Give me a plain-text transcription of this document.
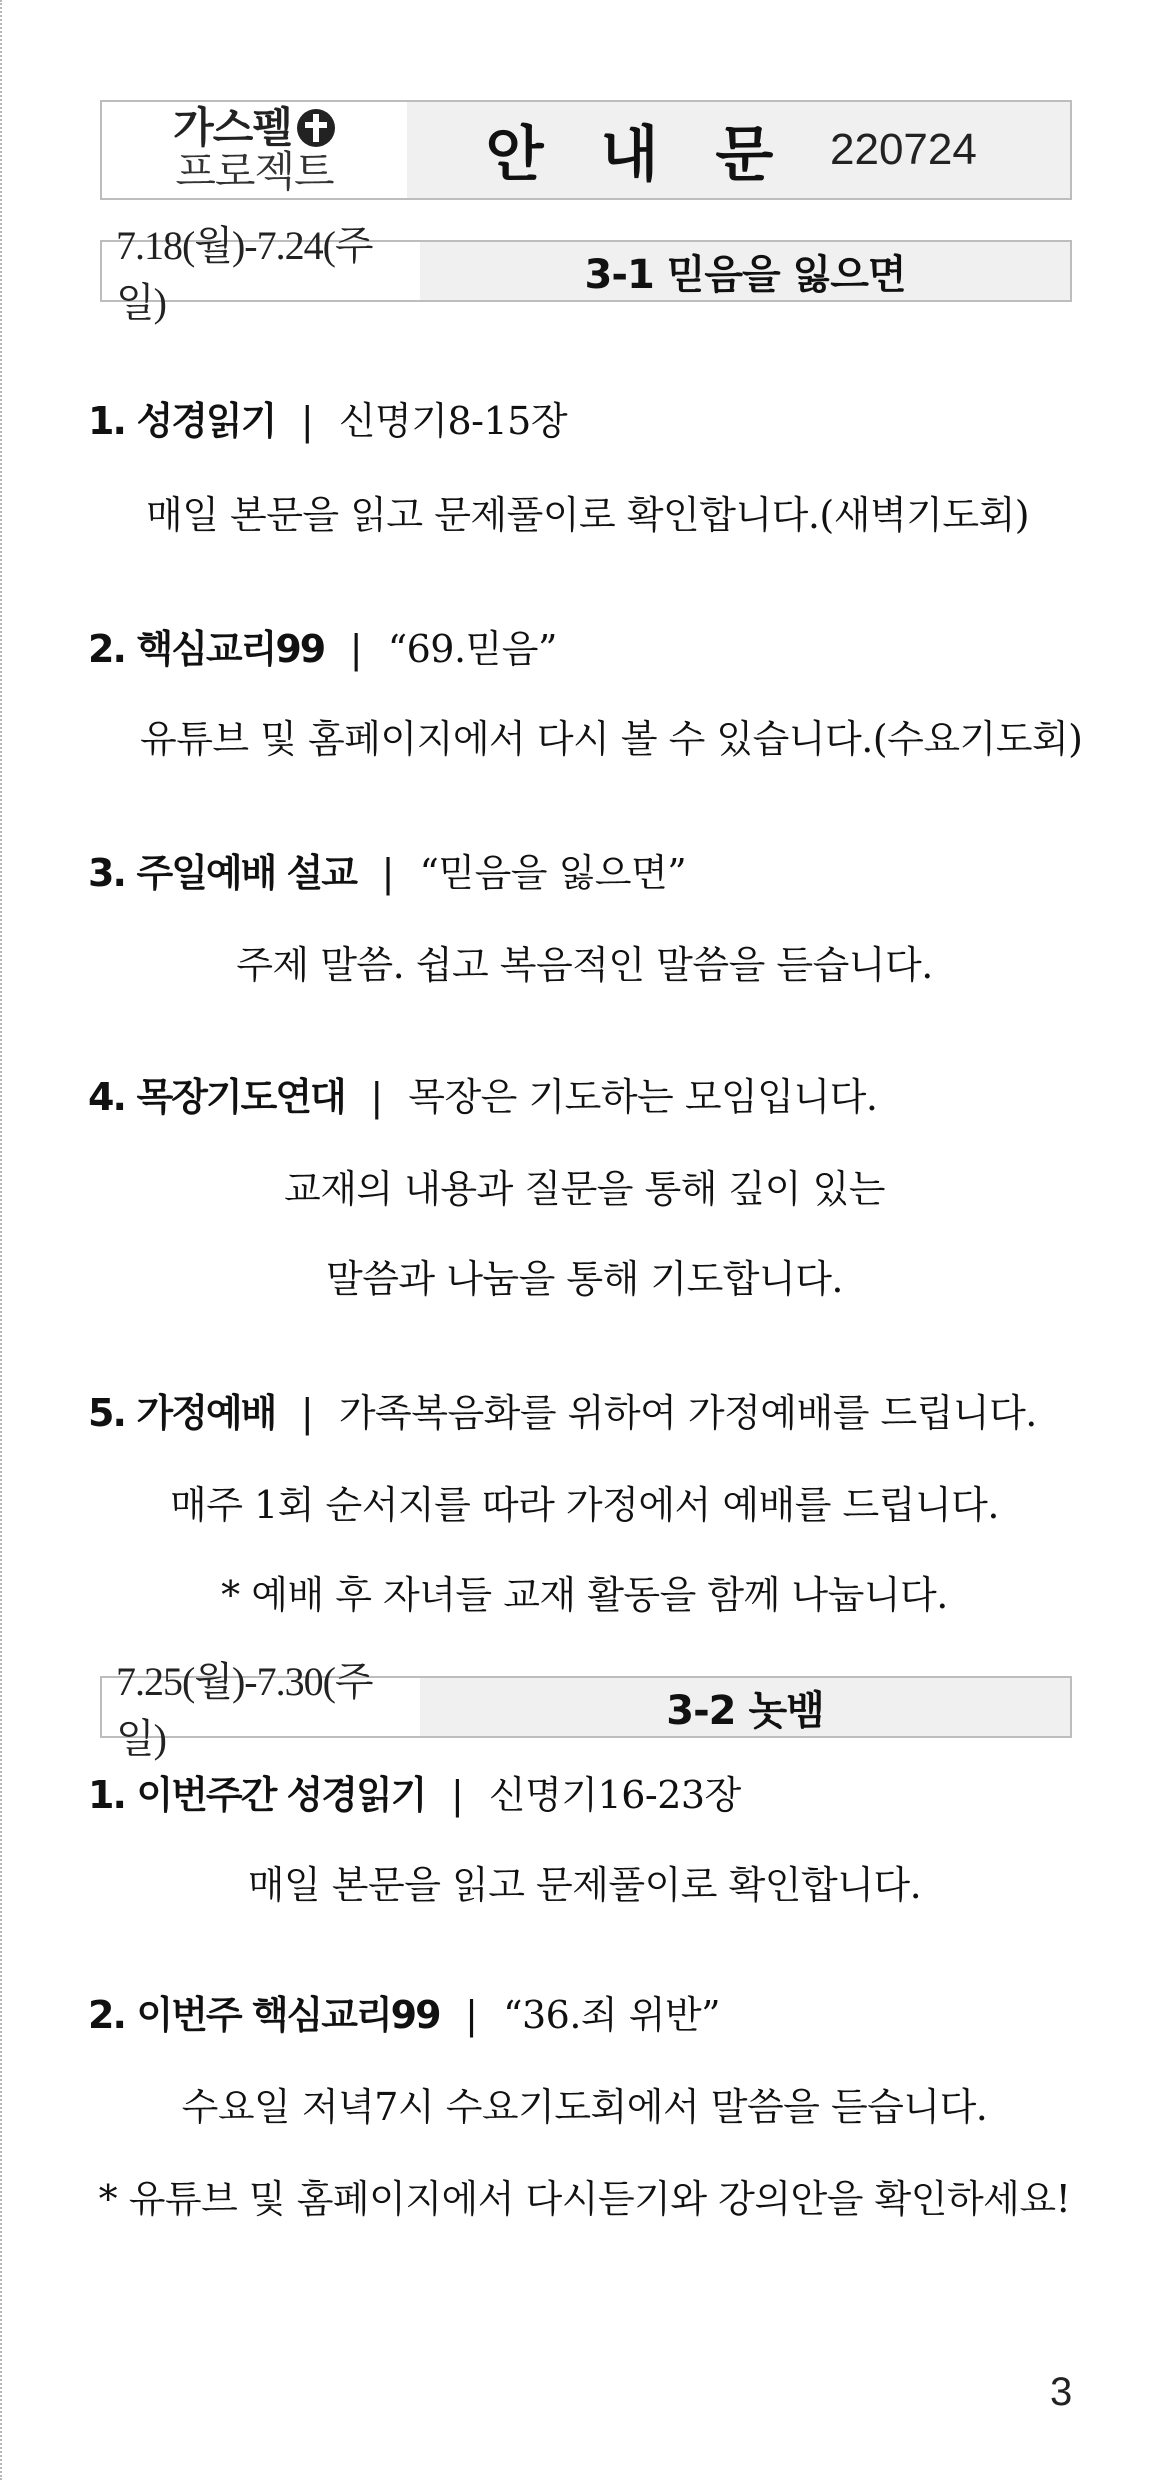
가스펠
프로젝트	안 내 문 220724
7.18(월)-7.24(주일)
3-1 믿음을 잃으면
1. 성경읽기 | 신명기8-15장
매일 본문을 읽고 문제풀이로 확인합니다.(새벽기도회)
2. 핵심교리99 | “69.믿음”
유튜브 및 홈페이지에서 다시 볼 수 있습니다.(수요기도회)
3. 주일예배 설교 | “믿음을 잃으면”
주제 말씀. 쉽고 복음적인 말씀을 듣습니다.
4. 목장기도연대 | 목장은 기도하는 모임입니다.
교재의 내용과 질문을 통해 깊이 있는
말씀과 나눔을 통해 기도합니다.
5. 가정예배 | 가족복음화를 위하여 가정예배를 드립니다.
매주 1회 순서지를 따라 가정에서 예배를 드립니다.
* 예배 후 자녀들 교재 활동을 함께 나눕니다.
7.25(월)-7.30(주일)
3-2 놋뱀
1. 이번주간 성경읽기 | 신명기16-23장
매일 본문을 읽고 문제풀이로 확인합니다.
2. 이번주 핵심교리99 | “36.죄 위반”
수요일 저녁7시 수요기도회에서 말씀을 듣습니다.
* 유튜브 및 홈페이지에서 다시듣기와 강의안을 확인하세요!
3
